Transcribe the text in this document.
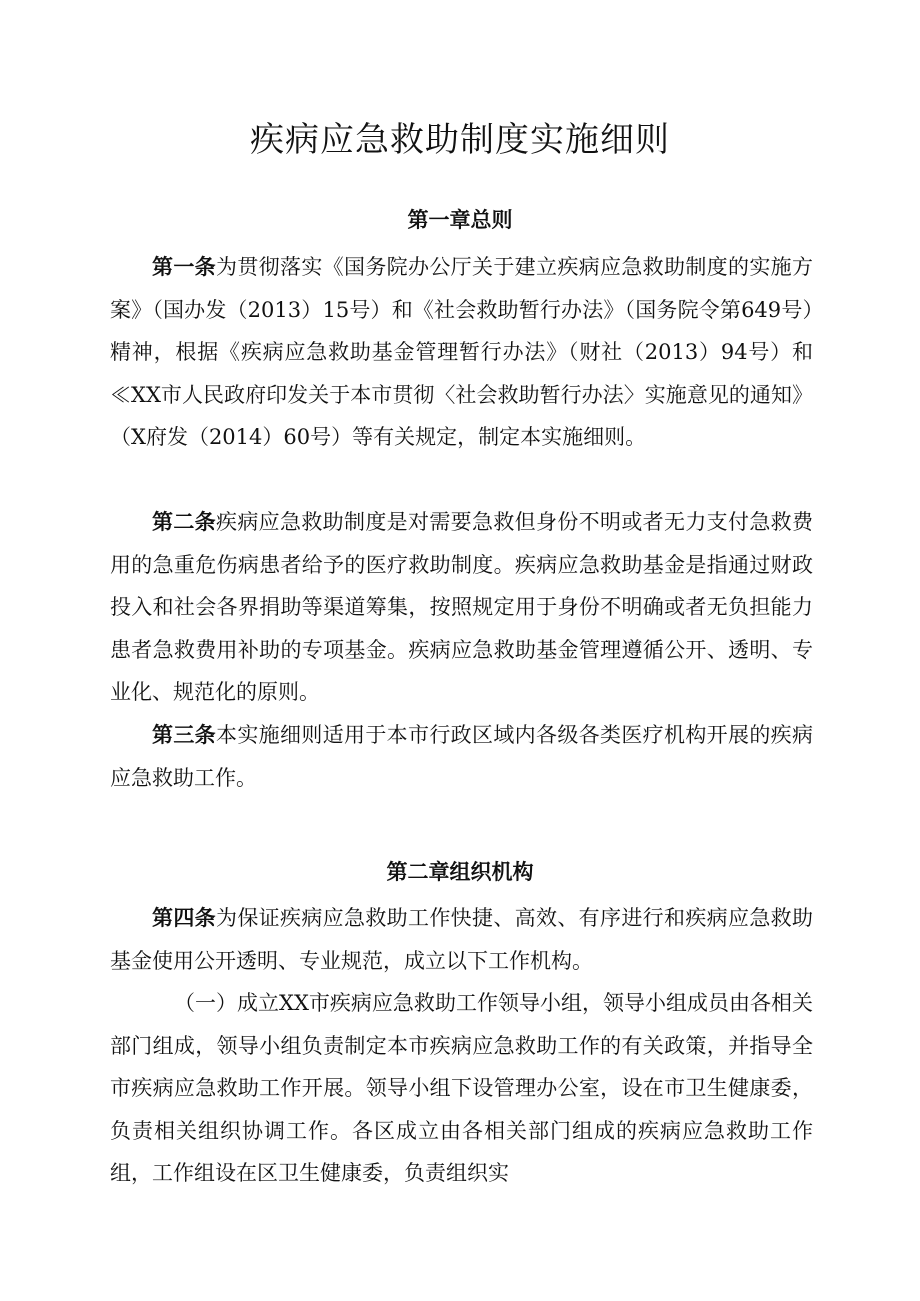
疾病应急救助制度实施细则
第一章总则

第一条为贯彻落实《国务院办公厅关于建立疾病应急救助制度的实施方案》（国办发（2013）15号）和《社会救助暂行办法》（国务院令第649号）精神，根据《疾病应急救助基金管理暂行办法》（财社（2013）94号）和≪XX市人民政府印发关于本市贯彻〈社会救助暂行办法〉实施意见的通知》（X府发（2014）60号）等有关规定，制定本实施细则。

第二条疾病应急救助制度是对需要急救但身份不明或者无力支付急救费用的急重危伤病患者给予的医疗救助制度。疾病应急救助基金是指通过财政投入和社会各界捐助等渠道筹集，按照规定用于身份不明确或者无负担能力患者急救费用补助的专项基金。疾病应急救助基金管理遵循公开、透明、专业化、规范化的原则。

第三条本实施细则适用于本市行政区域内各级各类医疗机构开展的疾病应急救助工作。

第二章组织机构

第四条为保证疾病应急救助工作快捷、高效、有序进行和疾病应急救助基金使用公开透明、专业规范，成立以下工作机构。

（一）成立XX市疾病应急救助工作领导小组，领导小组成员由各相关部门组成，领导小组负责制定本市疾病应急救助工作的有关政策，并指导全市疾病应急救助工作开展。领导小组下设管理办公室，设在市卫生健康委，负责相关组织协调工作。各区成立由各相关部门组成的疾病应急救助工作组，工作组设在区卫生健康委，负责组织实
